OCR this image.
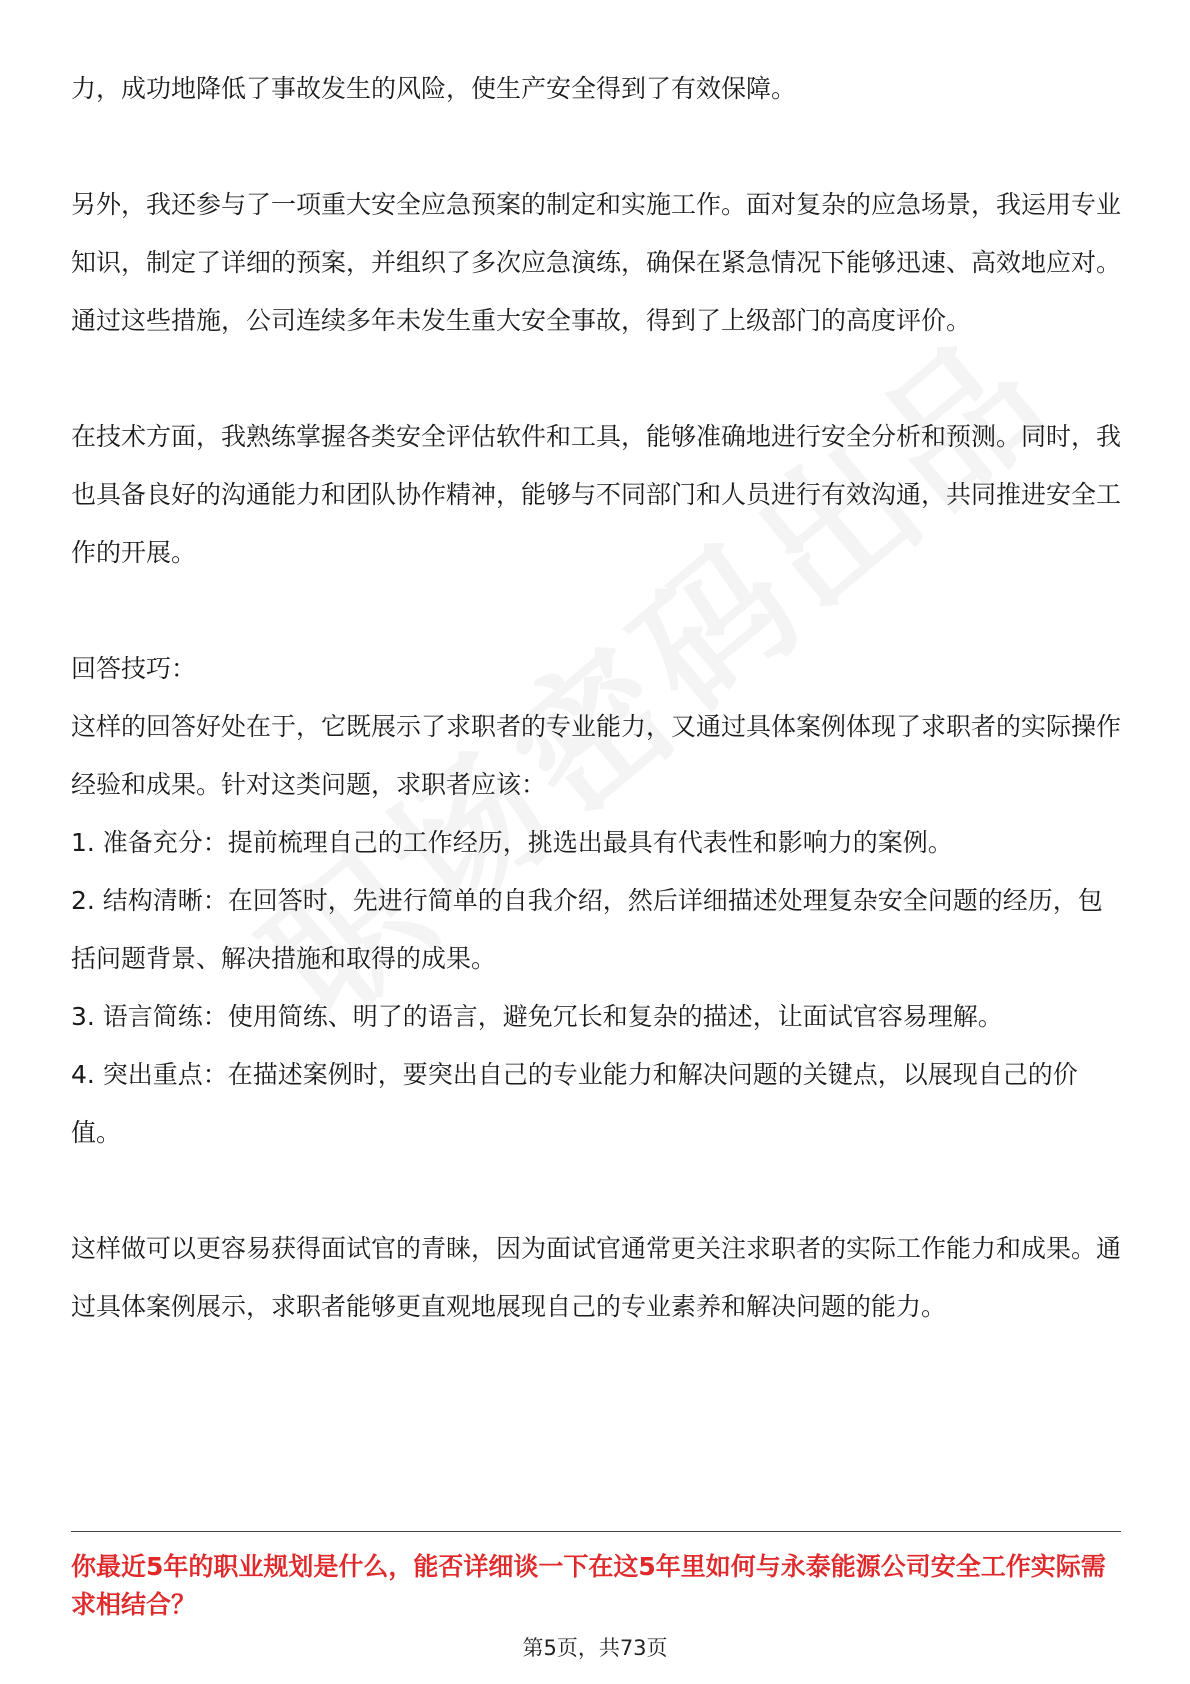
力，成功地降低了事故发生的风险，使生产安全得到了有效保障。

另外，我还参与了一项重大安全应急预案的制定和实施工作。面对复杂的应急场景，我运用专业知识，制定了详细的预案，并组织了多次应急演练，确保在紧急情况下能够迅速、高效地应对。通过这些措施，公司连续多年未发生重大安全事故，得到了上级部门的高度评价。

在技术方面，我熟练掌握各类安全评估软件和工具，能够准确地进行安全分析和预测。同时，我也具备良好的沟通能力和团队协作精神，能够与不同部门和人员进行有效沟通，共同推进安全工作的开展。

回答技巧：

这样的回答好处在于，它既展示了求职者的专业能力，又通过具体案例体现了求职者的实际操作经验和成果。针对这类问题，求职者应该：

1. 准备充分：提前梳理自己的工作经历，挑选出最具有代表性和影响力的案例。

2. 结构清晰：在回答时，先进行简单的自我介绍，然后详细描述处理复杂安全问题的经历，包括问题背景、解决措施和取得的成果。

3. 语言简练：使用简练、明了的语言，避免冗长和复杂的描述，让面试官容易理解。

4. 突出重点：在描述案例时，要突出自己的专业能力和解决问题的关键点，以展现自己的价值。

这样做可以更容易获得面试官的青睐，因为面试官通常更关注求职者的实际工作能力和成果。通过具体案例展示，求职者能够更直观地展现自己的专业素养和解决问题的能力。

你最近5年的职业规划是什么，能否详细谈一下在这5年里如何与永泰能源公司安全工作实际需求相结合？
第5页，共73页
